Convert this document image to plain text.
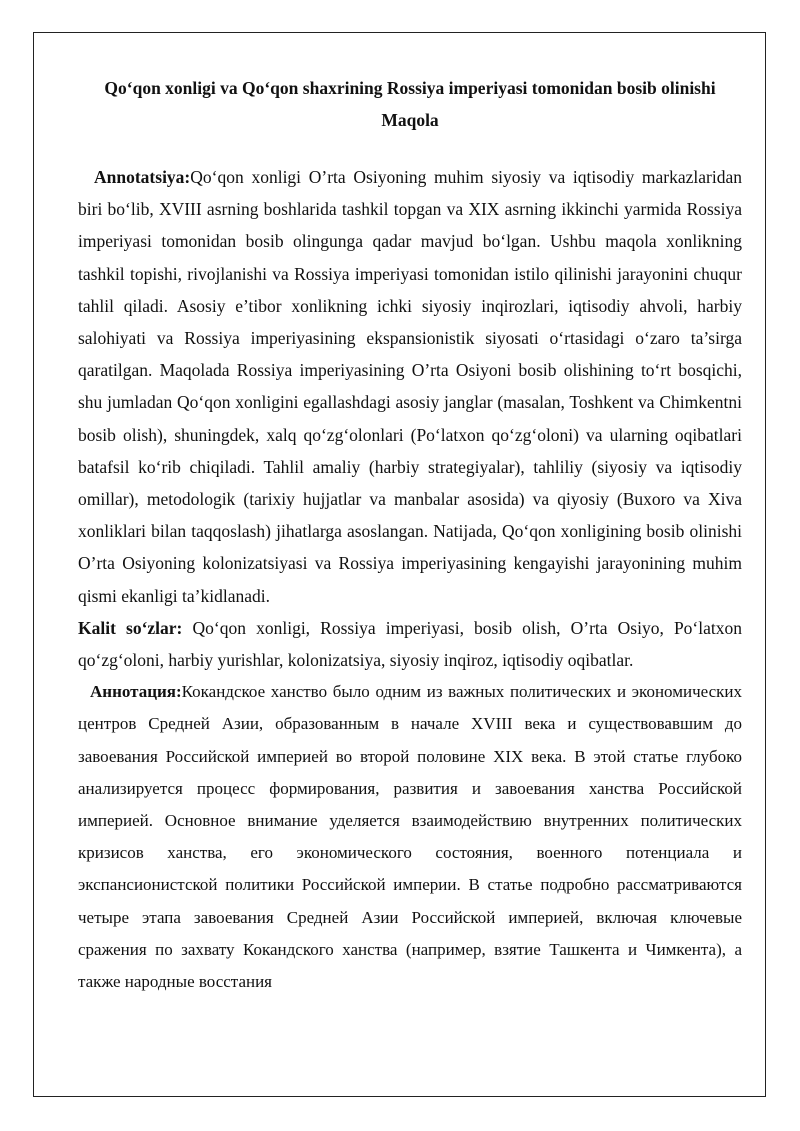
Qo‘qon xonligi va Qo‘qon shaxrining Rossiya imperiyasi tomonidan bosib olinishi

Maqola

Annotatsiya:Qo‘qon xonligi O’rta Osiyoning muhim siyosiy va iqtisodiy markazlaridan biri bo‘lib, XVIII asrning boshlarida tashkil topgan va XIX asrning ikkinchi yarmida Rossiya imperiyasi tomonidan bosib olingunga qadar mavjud bo‘lgan. Ushbu maqola xonlikning tashkil topishi, rivojlanishi va Rossiya imperiyasi tomonidan istilo qilinishi jarayonini chuqur tahlil qiladi. Asosiy e’tibor xonlikning ichki siyosiy inqirozlari, iqtisodiy ahvoli, harbiy salohiyati va Rossiya imperiyasining ekspansionistik siyosati o‘rtasidagi o‘zaro ta’sirga qaratilgan. Maqolada Rossiya imperiyasining O’rta Osiyoni bosib olishining to‘rt bosqichi, shu jumladan Qo‘qon xonligini egallashdagi asosiy janglar (masalan, Toshkent va Chimkentni bosib olish), shuningdek, xalq qo‘zg‘olonlari (Po‘latxon qo‘zg‘oloni) va ularning oqibatlari batafsil ko‘rib chiqiladi. Tahlil amaliy (harbiy strategiyalar), tahliliy (siyosiy va iqtisodiy omillar), metodologik (tarixiy hujjatlar va manbalar asosida) va qiyosiy (Buxoro va Xiva xonliklari bilan taqqoslash) jihatlarga asoslangan. Natijada, Qo‘qon xonligining bosib olinishi O’rta Osiyoning kolonizatsiyasi va Rossiya imperiyasining kengayishi jarayonining muhim qismi ekanligi ta’kidlanadi.

Kalit so‘zlar: Qo‘qon xonligi, Rossiya imperiyasi, bosib olish, O’rta Osiyo, Po‘latxon qo‘zg‘oloni, harbiy yurishlar, kolonizatsiya, siyosiy inqiroz, iqtisodiy oqibatlar.

Аннотация:Кокандское ханство было одним из важных политических и экономических центров Средней Азии, образованным в начале XVIII века и существовавшим до завоевания Российской империей во второй половине XIX века. В этой статье глубоко анализируется процесс формирования, развития и завоевания ханства Российской империей. Основное внимание уделяется взаимодействию внутренних политических кризисов ханства, его экономического состояния, военного потенциала и экспансионистской политики Российской империи. В статье подробно рассматриваются четыре этапа завоевания Средней Азии Российской империей, включая ключевые сражения по захвату Кокандского ханства (например, взятие Ташкента и Чимкента), а также народные восстания
